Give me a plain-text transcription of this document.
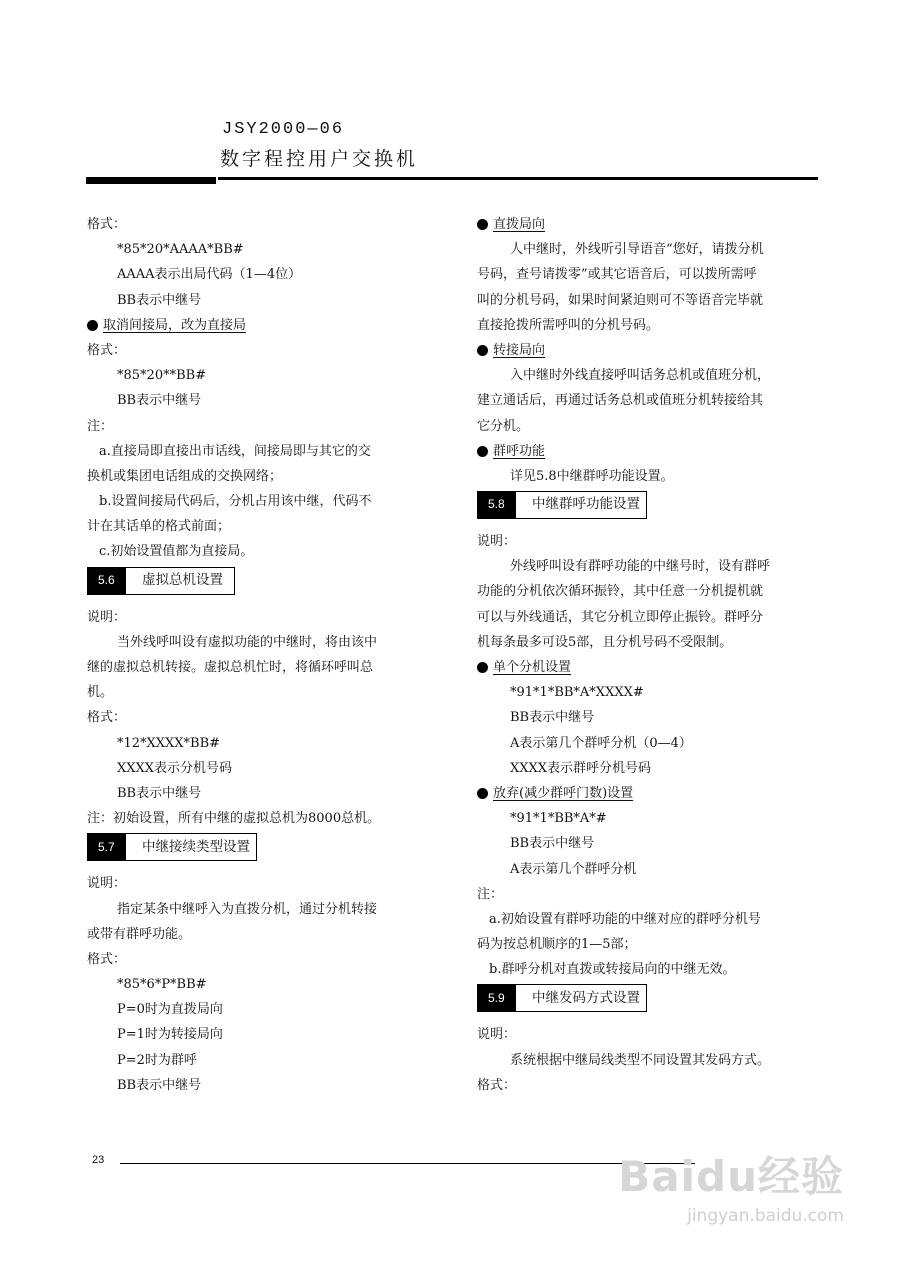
JSY2000—06
数字程控用户交换机
格式：
*85*20*AAAA*BB#
AAAA表示出局代码（1—4位）
BB表示中继号
取消间接局，改为直接局
格式：
*85*20**BB#
BB表示中继号
注：
a.直接局即直接出市话线，间接局即与其它的交
换机或集团电话组成的交换网络；
b.设置间接局代码后，分机占用该中继，代码不
计在其话单的格式前面；
c.初始设置值都为直接局。
5.6	虚拟总机设置
说明：
当外线呼叫设有虚拟功能的中继时，将由该中
继的虚拟总机转接。虚拟总机忙时，将循环呼叫总
机。
格式：
*12*XXXX*BB#
XXXX表示分机号码
BB表示中继号
注：初始设置，所有中继的虚拟总机为8000总机。
5.7	中继接续类型设置
说明：
指定某条中继呼入为直拨分机，通过分机转接
或带有群呼功能。
格式：
*85*6*P*BB#
P=0时为直拨局向
P=1时为转接局向
P=2时为群呼
BB表示中继号
直拨局向
人中继时，外线听引导语音“您好，请拨分机
号码，查号请拨零”或其它语音后，可以拨所需呼
叫的分机号码，如果时间紧迫则可不等语音完毕就
直接抢拨所需呼叫的分机号码。
转接局向
入中继时外线直接呼叫话务总机或值班分机，
建立通话后，再通过话务总机或值班分机转接给其
它分机。
群呼功能
详见5.8中继群呼功能设置。
5.8	中继群呼功能设置
说明：
外线呼叫设有群呼功能的中继号时，设有群呼
功能的分机依次循环振铃，其中任意一分机提机就
可以与外线通话，其它分机立即停止振铃。群呼分
机每条最多可设5部，且分机号码不受限制。
单个分机设置
*91*1*BB*A*XXXX#
BB表示中继号
A表示第几个群呼分机（0—4）
XXXX表示群呼分机号码
放弃(减少群呼门数)设置
*91*1*BB*A*#
BB表示中继号
A表示第几个群呼分机
注：
a.初始设置有群呼功能的中继对应的群呼分机号
码为按总机顺序的1—5部；
b.群呼分机对直拨或转接局向的中继无效。
5.9	中继发码方式设置
说明：
系统根据中继局线类型不同设置其发码方式。
格式：
23	Baidu经验
jingyan.baidu.com
